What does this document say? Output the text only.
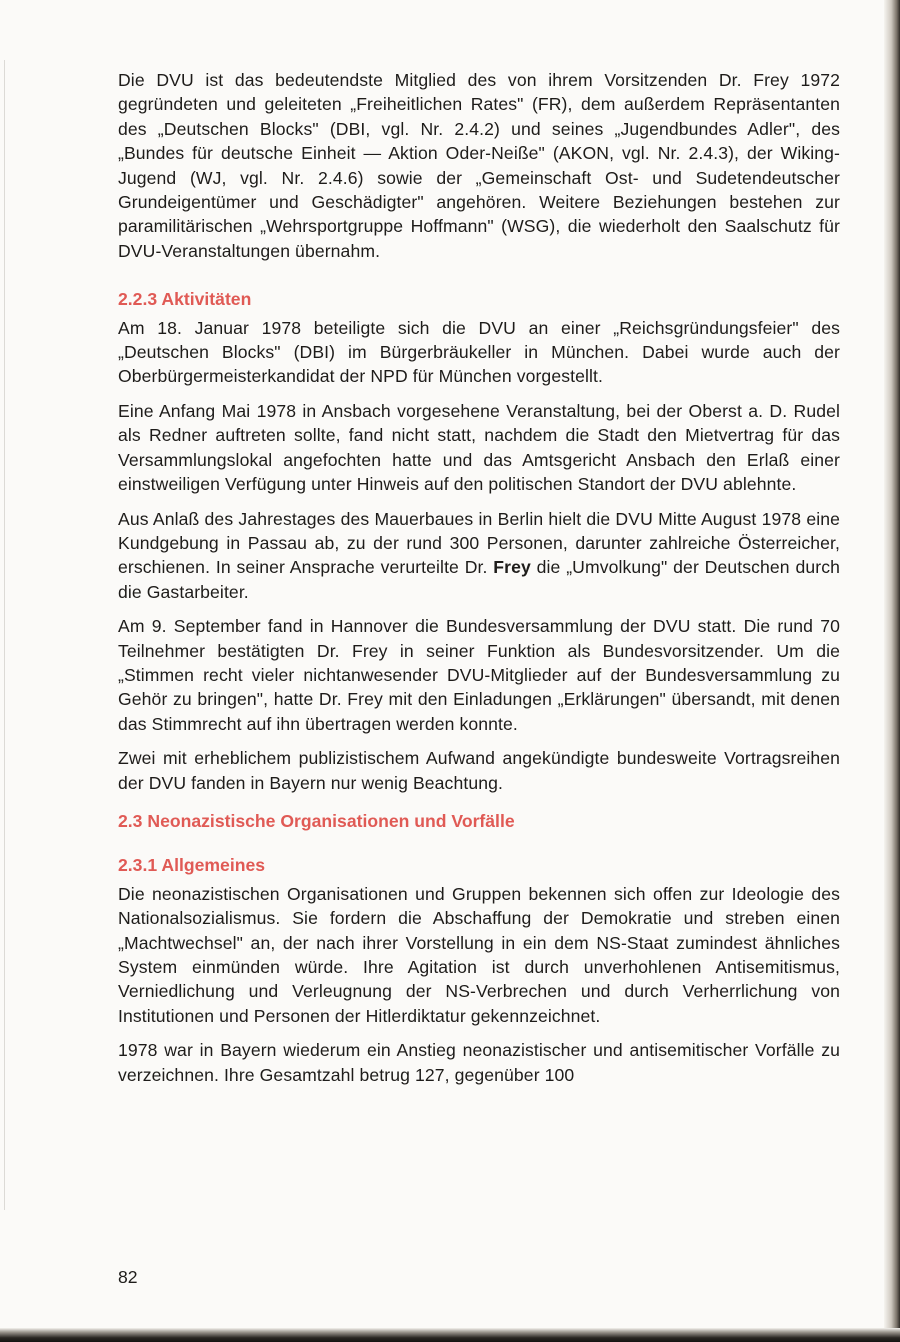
Die DVU ist das bedeutendste Mitglied des von ihrem Vorsitzenden Dr. Frey 1972 gegründeten und geleiteten „Freiheitlichen Rates" (FR), dem außerdem Repräsentanten des „Deutschen Blocks" (DBI, vgl. Nr. 2.4.2) und seines „Jugendbundes Adler", des „Bundes für deutsche Einheit — Aktion Oder-Neiße" (AKON, vgl. Nr. 2.4.3), der Wiking-Jugend (WJ, vgl. Nr. 2.4.6) sowie der „Gemeinschaft Ost- und Sudetendeutscher Grundeigentümer und Geschädigter" angehören. Weitere Beziehungen bestehen zur paramilitärischen „Wehrsportgruppe Hoffmann" (WSG), die wiederholt den Saalschutz für DVU-Veranstaltungen übernahm.

2.2.3 Aktivitäten

Am 18. Januar 1978 beteiligte sich die DVU an einer „Reichsgründungsfeier" des „Deutschen Blocks" (DBI) im Bürgerbräukeller in München. Dabei wurde auch der Oberbürgermeisterkandidat der NPD für München vorgestellt.

Eine Anfang Mai 1978 in Ansbach vorgesehene Veranstaltung, bei der Oberst a. D. Rudel als Redner auftreten sollte, fand nicht statt, nachdem die Stadt den Mietvertrag für das Versammlungslokal angefochten hatte und das Amtsgericht Ansbach den Erlaß einer einstweiligen Verfügung unter Hinweis auf den politischen Standort der DVU ablehnte.

Aus Anlaß des Jahrestages des Mauerbaues in Berlin hielt die DVU Mitte August 1978 eine Kundgebung in Passau ab, zu der rund 300 Personen, darunter zahlreiche Österreicher, erschienen. In seiner Ansprache verurteilte Dr. Frey die „Umvolkung" der Deutschen durch die Gastarbeiter.

Am 9. September fand in Hannover die Bundesversammlung der DVU statt. Die rund 70 Teilnehmer bestätigten Dr. Frey in seiner Funktion als Bundesvorsitzender. Um die „Stimmen recht vieler nichtanwesender DVU-Mitglieder auf der Bundesversammlung zu Gehör zu bringen", hatte Dr. Frey mit den Einladungen „Erklärungen" übersandt, mit denen das Stimmrecht auf ihn übertragen werden konnte.

Zwei mit erheblichem publizistischem Aufwand angekündigte bundesweite Vortragsreihen der DVU fanden in Bayern nur wenig Beachtung.

2.3 Neonazistische Organisationen und Vorfälle
2.3.1 Allgemeines

Die neonazistischen Organisationen und Gruppen bekennen sich offen zur Ideologie des Nationalsozialismus. Sie fordern die Abschaffung der Demokratie und streben einen „Machtwechsel" an, der nach ihrer Vorstellung in ein dem NS-Staat zumindest ähnliches System einmünden würde. Ihre Agitation ist durch unverhohlenen Antisemitismus, Verniedlichung und Verleugnung der NS-Verbrechen und durch Verherrlichung von Institutionen und Personen der Hitlerdiktatur gekennzeichnet.

1978 war in Bayern wiederum ein Anstieg neonazistischer und antisemitischer Vorfälle zu verzeichnen. Ihre Gesamtzahl betrug 127, gegenüber 100

82
